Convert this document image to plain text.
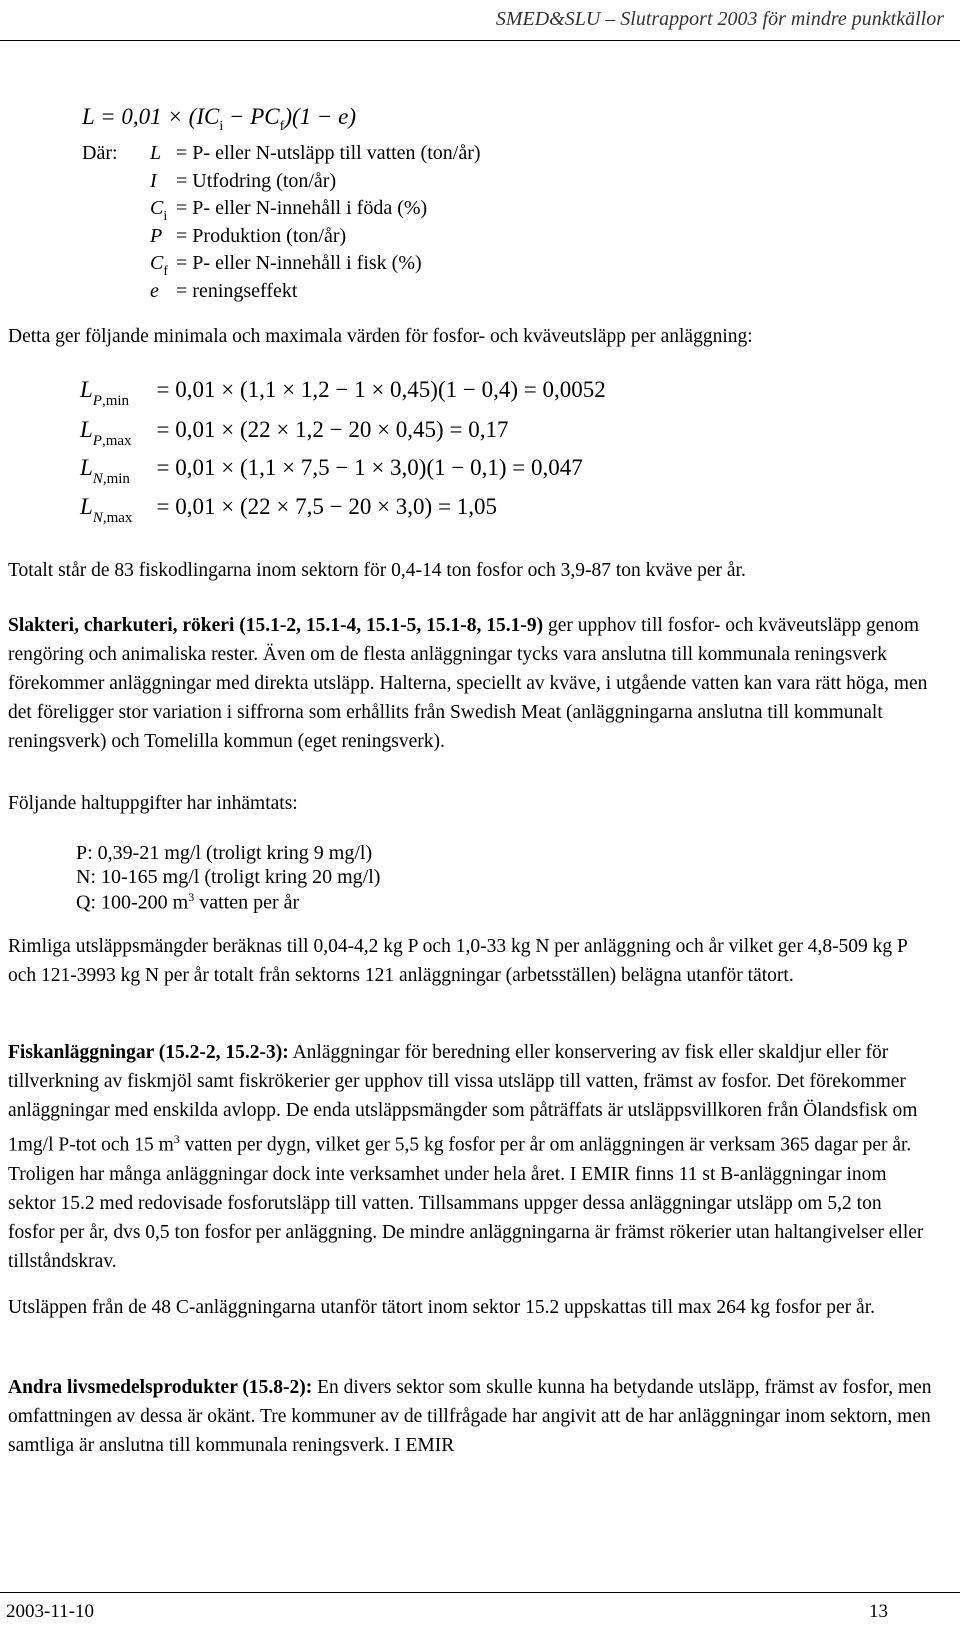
SMED&SLU – Slutrapport 2003 för mindre punktkällor
$L = 0,01 \times (IC_i - PC_f)(1 - e)$
Där: L = P- eller N-utsläpp till vatten (ton/år)
I = Utfodring (ton/år)
$C_i = P-$ eller N-innehåll i föda (%)
P = Produktion (ton/år)
$C_f = P-$ eller N-innehåll i fisk (%)
e = reningseffekt
Detta ger följande minimala och maximala värden för fosfor- och kväveutsläpp per anläggning:
LP,min = 0,01 × (1,1 × 1,2 − 1 × 0,45)(1 − 0,4) = 0,0052
LP,max = 0,01 × (22 × 1,2 − 20 × 0,45) = 0,17
LN,min = 0,01 × (1,1 × 7,5 − 1 × 3,0)(1 − 0,1) = 0,047
LN,max = 0,01 × (22 × 7,5 − 20 × 3,0) = 1,05
Totalt står de 83 fiskodlingarna inom sektorn för 0,4-14 ton fosfor och 3,9-87 ton kväve per år.
Slakteri, charkuteri, rökeri (15.1-2, 15.1-4, 15.1-5, 15.1-8, 15.1-9) ger upphov till fosfor- och kväveutsläpp genom rengöring och animaliska rester. Även om de flesta anläggningar tycks vara anslutna till kommunala reningsverk förekommer anläggningar med direkta utsläpp. Halterna, speciellt av kväve, i utgående vatten kan vara rätt höga, men det föreligger stor variation i siffrorna som erhållits från Swedish Meat (anläggningarna anslutna till kommunalt reningsverk) och Tomelilla kommun (eget reningsverk).
Följande haltuppgifter har inhämtats:
P: 0,39-21 mg/l (troligt kring 9 mg/l)
N: 10-165 mg/l (troligt kring 20 mg/l)
Q: 100-200 $m^3$ vatten per år
Rimliga utsläppsmängder beräknas till 0,04-4,2 kg P och 1,0-33 kg N per anläggning och år vilket ger 4,8-509 kg P och 121-3993 kg N per år totalt från sektorns 121 anläggningar (arbetsställen) belägna utanför tätort.
Fiskanläggningar (15.2-2, 15.2-3): Anläggningar för beredning eller konservering av fisk eller skaldjur eller för tillverkning av fiskmjöl samt fiskrökerier ger upphov till vissa utsläpp till vatten, främst av fosfor. Det förekommer anläggningar med enskilda avlopp. De enda utsläppsmängder som påträffats är utsläppsvillkoren från Ölandsfisk om 1mg/l P-tot och 15 $m^3$ vatten per dygn, vilket ger 5,5 kg fosfor per år om anläggningen är verksam 365 dagar per år. Troligen har många anläggningar dock inte verksamhet under hela året. I EMIR finns 11 st B-anläggningar inom sektor 15.2 med redovisade fosforutsläpp till vatten. Tillsammans uppger dessa anläggningar utsläpp om 5,2 ton fosfor per år, dvs 0,5 ton fosfor per anläggning. De mindre anläggningarna är främst rökerier utan haltangivelser eller tillståndskrav.
Utsläppen från de 48 C-anläggningarna utanför tätort inom sektor 15.2 uppskattas till max 264 kg fosfor per år.
Andra livsmedelsprodukter (15.8-2): En divers sektor som skulle kunna ha betydande utsläpp, främst av fosfor, men omfattningen av dessa är okänt. Tre kommuner av de tillfrågade har angivit att de har anläggningar inom sektorn, men samtliga är anslutna till kommunala reningsverk. I EMIR
2003-11-10	13
